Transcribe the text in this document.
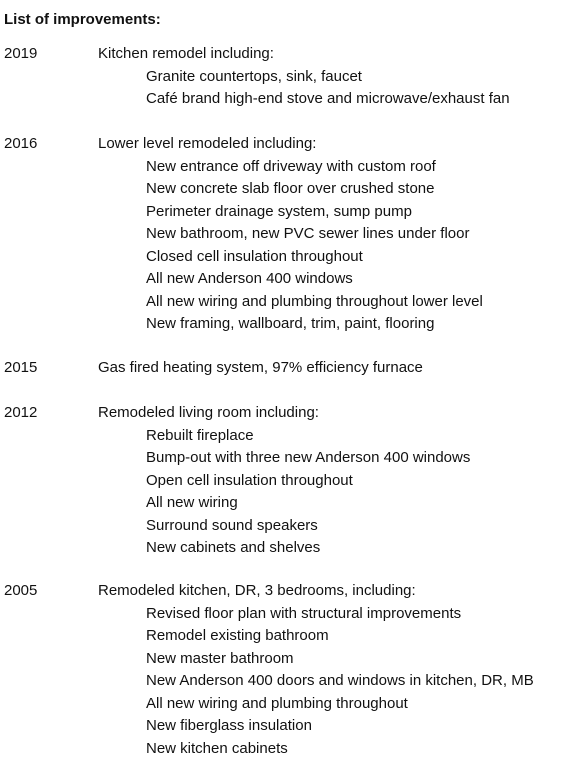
List of improvements:
2019	Kitchen remodel including:
Granite countertops, sink, faucet
Café brand high-end stove and microwave/exhaust fan
2016	Lower level remodeled including:
New entrance off driveway with custom roof
New concrete slab floor over crushed stone
Perimeter drainage system, sump pump
New bathroom, new PVC sewer lines under floor
Closed cell insulation throughout
All new Anderson 400 windows
All new wiring and plumbing throughout lower level
New framing, wallboard, trim, paint, flooring
2015	Gas fired heating system, 97% efficiency furnace
2012	Remodeled living room including:
Rebuilt fireplace
Bump-out with three new Anderson 400 windows
Open cell insulation throughout
All new wiring
Surround sound speakers
New cabinets and shelves
2005	Remodeled kitchen, DR, 3 bedrooms, including:
Revised floor plan with structural improvements
Remodel existing bathroom
New master bathroom
New Anderson 400 doors and windows in kitchen, DR, MB
All new wiring and plumbing throughout
New fiberglass insulation
New kitchen cabinets
